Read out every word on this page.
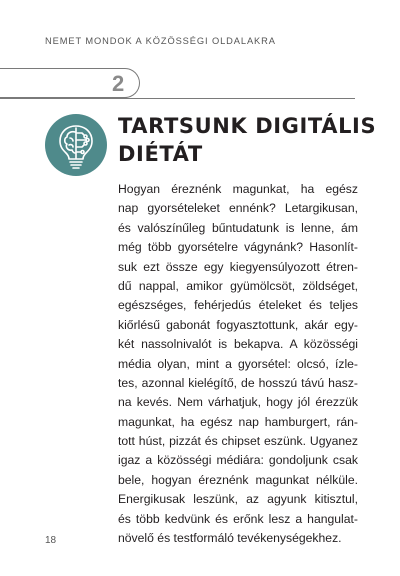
NEMET MONDOK A KÖZÖSSÉGI OLDALAKRA
2
TARTSUNK DIGITÁLIS
DIÉTÁT
Hogyan éreznénk magunkat, ha egész
nap gyorsételeket ennénk? Letargikusan,
és valószínűleg bűntudatunk is lenne, ám
még több gyorsételre vágynánk? Hasonlít-
suk ezt össze egy kiegyensúlyozott étren-
dű nappal, amikor gyümölcsöt, zöldséget,
egészséges, fehérjedús ételeket és teljes
kiőrlésű gabonát fogyasztottunk, akár egy-
két nassolnivalót is bekapva. A közösségi
média olyan, mint a gyorsétel: olcsó, ízle-
tes, azonnal kielégítő, de hosszú távú hasz-
na kevés. Nem várhatjuk, hogy jól érezzük
magunkat, ha egész nap hamburgert, rán-
tott húst, pizzát és chipset eszünk. Ugyanez
igaz a közösségi médiára: gondoljunk csak
bele, hogyan éreznénk magunkat nélküle.
Energikusak leszünk, az agyunk kitisztul,
és több kedvünk és erőnk lesz a hangulat-
növelő és testformáló tevékenységekhez.
18
